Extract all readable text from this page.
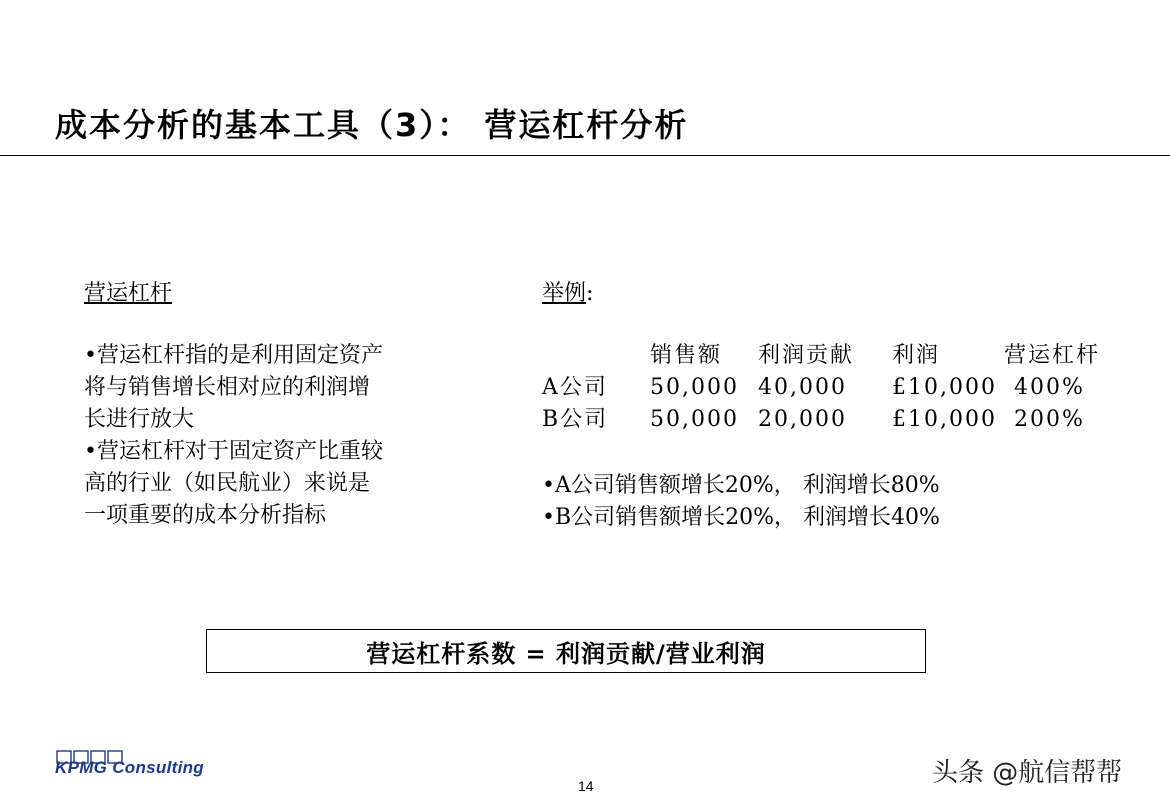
成本分析的基本工具（3）： 营运杠杆分析
营运杠杆
•营运杠杆指的是利用固定资产
将与销售增长相对应的利润增
长进行放大
•营运杠杆对于固定资产比重较
高的行业（如民航业）来说是
一项重要的成本分析指标
举例:
销售额 利润贡献 利润	营运杠杆
A公司 50,000 40,000 £10,000 400%
B公司 50,000 20,000 £10,000 200%
•A公司销售额增长20%， 利润增长80%
•B公司销售额增长20%， 利润增长40%
营运杠杆系数 = 利润贡献/营业利润
KPMG Consulting
14	头条 @航信帮帮
